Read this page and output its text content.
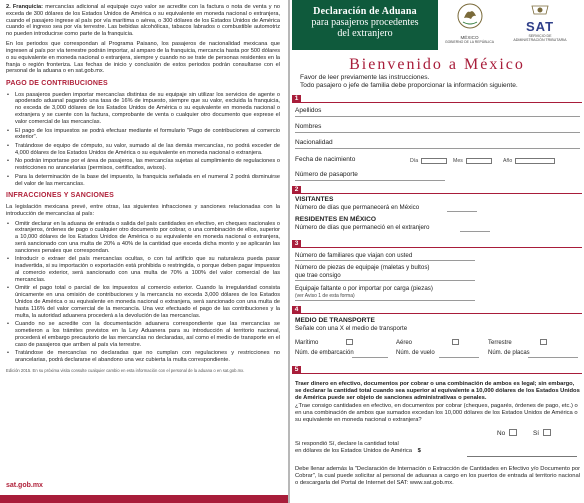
2. Franquicia: mercancías adicional al equipaje cuyo valor se acredite con la factura o nota de venta y no exceda de 300 dólares de los Estados Unidos de América o su equivalente en moneda nacional o extranjera, cuando el pasajero ingrese al país por vía marítima o aérea, o 300 dólares de los Estados Unidos de América cuando el ingreso sea por vía terrestre. Las bebidas alcohólicas, tabacos labrados o combustible automotriz no pueden introducirse como parte de la franquicia.

En los periodos que correspondan al Programa Paisano, los pasajeros de nacionalidad mexicana que ingresen al país por vía terrestre podrán importar, al amparo de la franquicia, mercancía hasta por 500 dólares o su equivalente en moneda nacional o extranjera, siempre y cuando no se trate de personas residentes en la franja o región fronteriza. Las fechas de inicio y conclusión de estos periodos podrán consultarse con el personal de la aduana o en sat.gob.mx.

PAGO DE CONTRIBUCIONES
• Los pasajeros pueden importar mercancías distintas de su equipaje sin utilizar los servicios de agente o apoderado aduanal pagando una tasa de 16% de impuesto, siempre que su valor, excluida la franquicia, no exceda de 3,000 dólares de los Estados Unidos de América o su equivalente en moneda nacional o extranjera y se cuente con la factura, comprobante de venta o cualquier otro documento que exprese el valor comercial de las mercancías.
• El pago de los impuestos se podrá efectuar mediante el formulario "Pago de contribuciones al comercio exterior".
• Tratándose de equipo de cómputo, su valor, sumado al de las demás mercancías, no podrá exceder de 4,000 dólares de los Estados Unidos de América o su equivalente en moneda nacional o extranjera.
• No podrán importarse por el área de pasajeros, las mercancías sujetas al cumplimiento de regulaciones o restricciones no arancelarias (permisos, certificados, avisos).
• Para la determinación de la base del impuesto, la franquicia señalada en el numeral 2 podrá disminuirse del valor de las mercancías.
INFRACCIONES Y SANCIONES

La legislación mexicana prevé, entre otras, las siguientes infracciones y sanciones relacionadas con la introducción de mercancías al país:

• Omitir declarar en la aduana de entrada o salida del país cantidades en efectivo, en cheques nacionales o extranjeros, órdenes de pago o cualquier otro documento por cobrar, o una combinación de ellos, superior a 10,000 dólares de los Estados Unidos de América o su equivalente en moneda nacional o extranjera, será sancionado con una multa de 20% a 40% de la cantidad que exceda dicha monto y se aplicarán las sanciones penales que correspondan.
• Introducir o extraer del país mercancías ocultas, o con tal artificio que su naturaleza pueda pasar inadvertida, si su importación o exportación está prohibida o restringida, o porque deben pagar impuestos al comercio exterior, será sancionado con una multa de 70% a 100% del valor comercial de las mercancías.
• Omitir el pago total o parcial de los impuestos al comercio exterior. Cuando la irregularidad consista únicamente en una omisión de contribuciones y la mercancía no exceda 3,000 dólares de los Estados Unidos de América o su equivalente en moneda nacional o extranjera, será sancionado con una multa de hasta 116% del valor comercial de la mercancía. Una vez efectuado el pago de las contribuciones y la multa, la autoridad aduanera procederá a la devolución de las mercancías.
• Cuando no se acredite con la documentación aduanera correspondiente que las mercancías se sometieron a los trámites previstos en la Ley Aduanera para su introducción al territorio nacional, procederá el embargo precautorio de las mercancías no declaradas, así como el medio de transporte en el caso de pasajeros que arriben al país vía terrestre.
• Tratándose de mercancías no declaradas que no cumplan con regulaciones y restricciones no arancelarias, podrá declararse el abandono una vez cubierta la multa correspondiente.

Edición 2015. En su próxima visita consulte cualquier cambio en esta información con el personal de la aduana o en sat.gob.mx.

sat.gob.mx
Declaración de Aduana
para pasajeros procedentes
del extranjero	MÉXICO
GOBIERNO DE LA REPÚBLICA
SAT
SERVICIO DE
ADMINISTRACIÓN TRIBUTARIA
Bienvenido a México
Favor de leer previamente las instrucciones.
Todo pasajero o jefe de familia debe proporcionar la información siguiente.
1
Apellidos
Nombres
Nacionalidad
Fecha de nacimiento	Día	Mes	Año
Número de pasaporte
2
VISITANTES
Número de días que permanecerá en México
RESIDENTES EN MÉXICO
Número de días que permaneció en el extranjero
3
Número de familiares que viajan con usted
Número de piezas de equipaje (maletas y bultos)
que trae consigo
Equipaje faltante o por importar por carga (piezas)
(ver Aviso 1 de esta forma)
4
MEDIO DE TRANSPORTE
Señale con una X el medio de transporte
Marítimo	Aéreo	Terrestre
Núm. de embarcación	Núm. de vuelo	Núm. de placas
5

Traer dinero en efectivo, documentos por cobrar o una combinación de ambos es legal; sin embargo, se declarar la cantidad total cuando sea superior al equivalente a 10,000 dólares de los Estados Unidos de América puede ser objeto de sanciones administrativas o penales.

¿Trae consigo cantidades en efectivo, en documentos por cobrar (cheques, pagarés, órdenes de pago, etc.) o en una combinación de ambos que sumados excedan los 10,000 dólares de los Estados Unidos de América o su equivalente en moneda nacional o extranjera?

No	Sí
Si respondió Sí, declare la cantidad total
en dólares de los Estados Unidos de América $
Debe llenar además la "Declaración de Internación o Extracción de Cantidades en Efectivo y/o Documento por Cobrar", la cual puede solicitar al personal de aduanas a cargo en los puertos de entrada al territorio nacional o descargarla del Portal de Internet del SAT: www.sat.gob.mx.
